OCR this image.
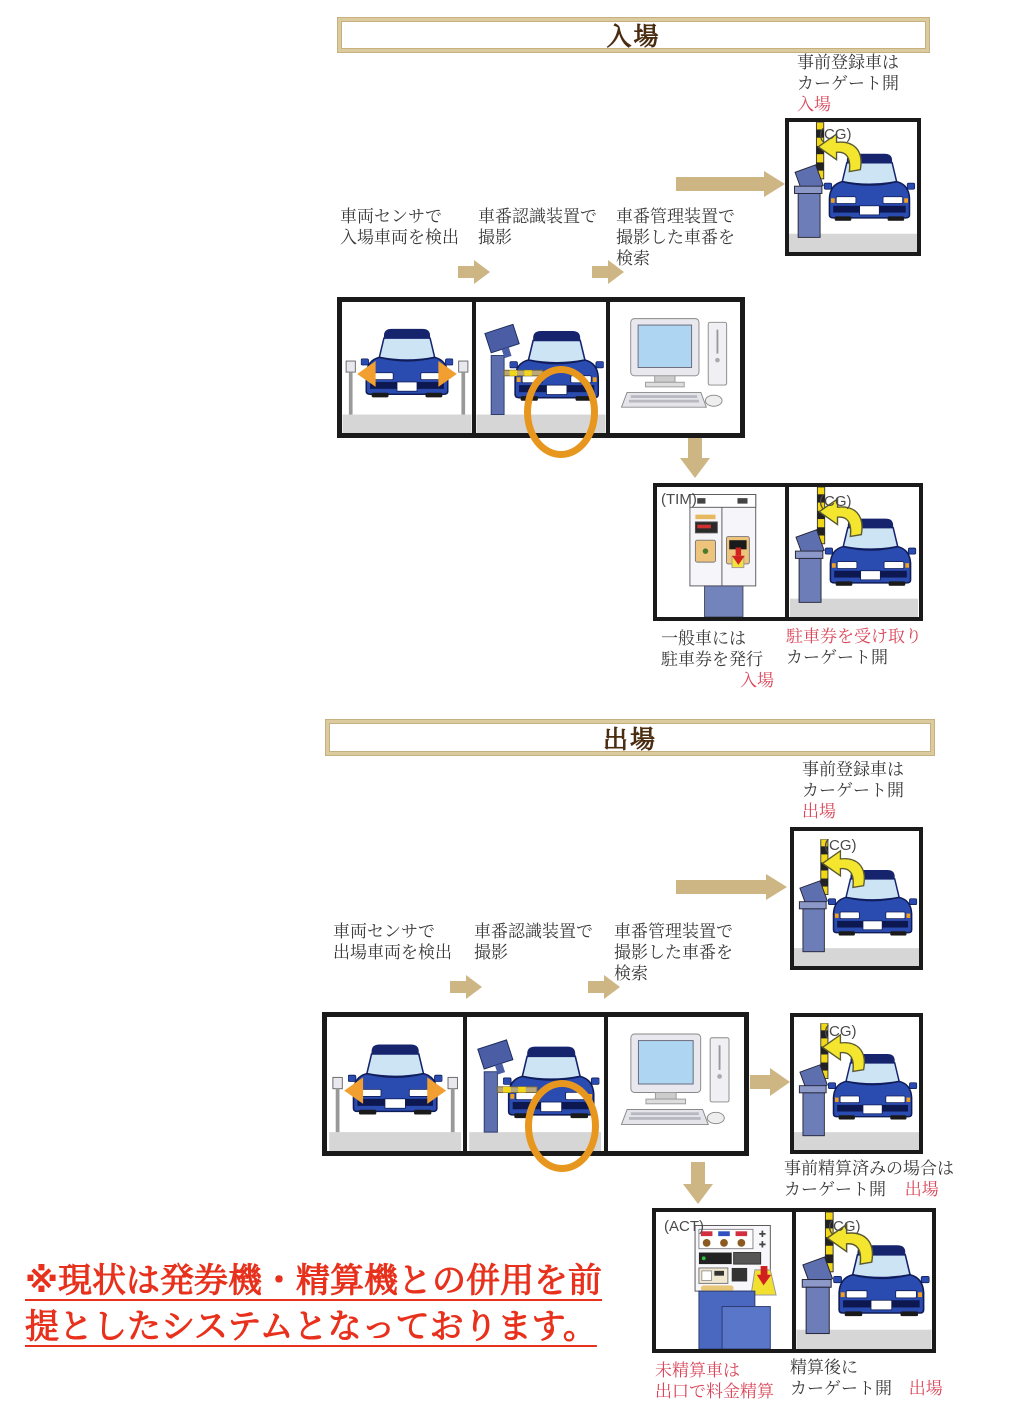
入場
事前登録車は
カーゲート開
入場
(CG)
車両センサで
入場車両を検出
車番認識装置で
撮影
車番管理装置で
撮影した車番を
検索
(TIM)	(CG)
一般車には
駐車券を発行
入場
駐車券を受け取り
カーゲート開
出場
事前登録車は
カーゲート開
出場
(CG)
車両センサで
出場車両を検出
車番認識装置で
撮影
車番管理装置で
撮影した車番を
検索
(CG)
事前精算済みの場合は
カーゲート開 出場
(ACT)	(CG)
未精算車は
出口で料金精算
精算後に
カーゲート開 出場
※現状は発券機・精算機との併用を前
提としたシステムとなっております。
